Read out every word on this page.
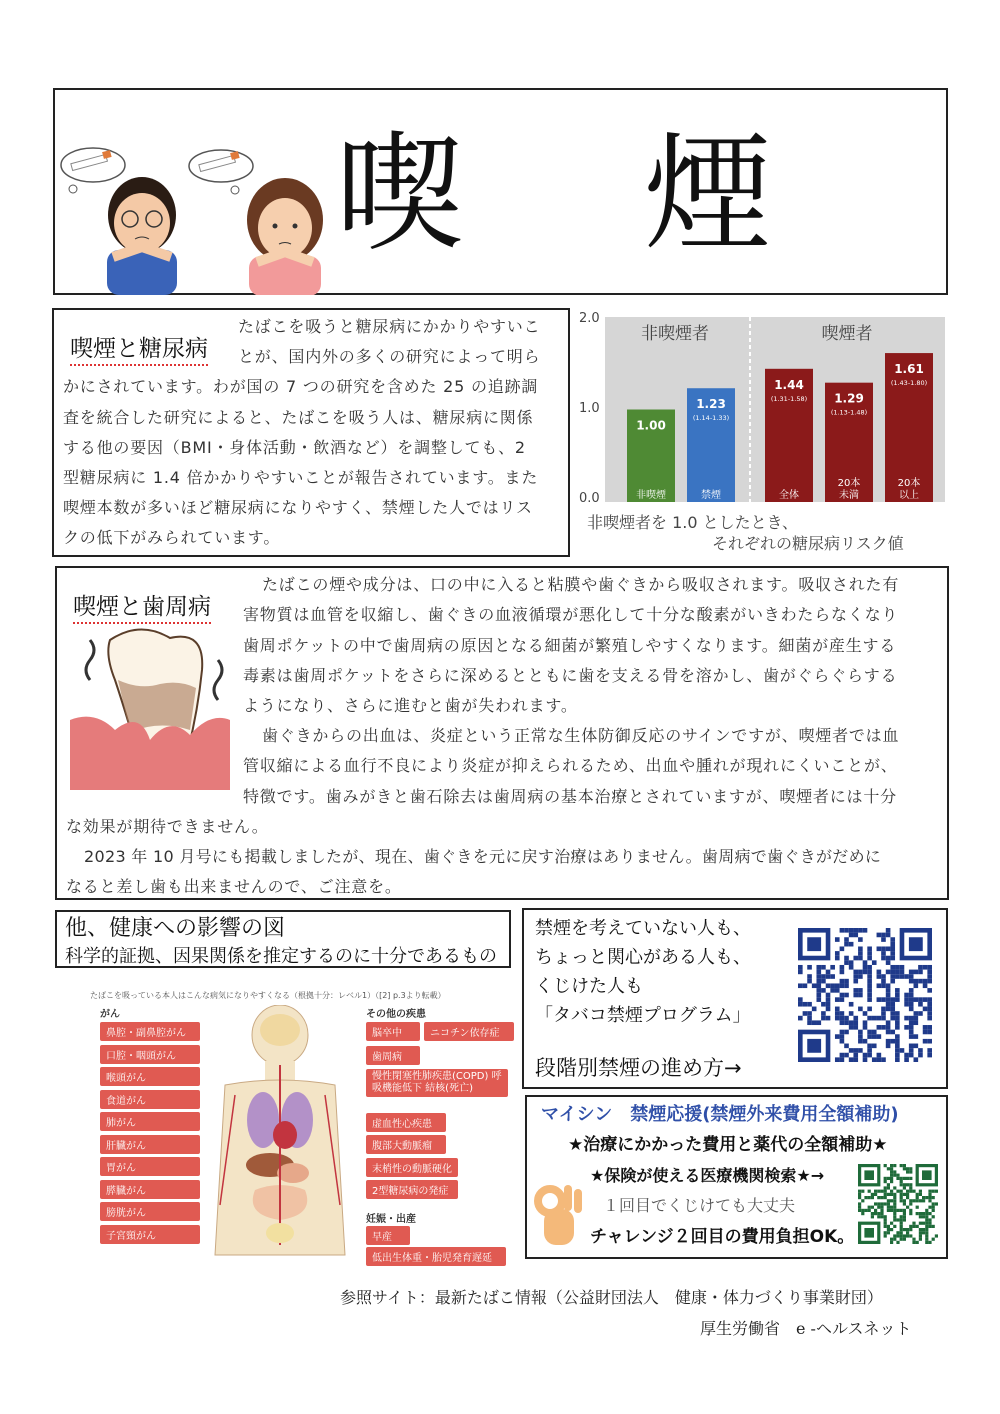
喫 煙
喫煙と糖尿病
たばこを吸うと糖尿病にかかりやすいこ
とが、国内外の多くの研究によって明ら
かにされています。わが国の 7 つの研究を含めた 25 の追跡調
査を統合した研究によると、たばこを吸う人は、糖尿病に関係
する他の要因（BMI・身体活動・飲酒など）を調整しても、2
型糖尿病に 1.4 倍かかりやすいことが報告されています。また
喫煙本数が多いほど糖尿病になりやすく、禁煙した人ではリス
クの低下がみられています。
非喫煙者	喫煙者
2.0
1.0
0.0
1.00
非喫煙
1.23
(1.14-1.33)
禁煙
1.44
(1.31-1.58)
全体
1.29
(1.13-1.48)
20本
未満
1.61
(1.43-1.80)
20本
以上
非喫煙者を 1.0 としたとき、
それぞれの糖尿病リスク値
喫煙と歯周病
たばこの煙や成分は、口の中に入ると粘膜や歯ぐきから吸収されます。吸収された有
害物質は血管を収縮し、歯ぐきの血液循環が悪化して十分な酸素がいきわたらなくなり
歯周ポケットの中で歯周病の原因となる細菌が繁殖しやすくなります。細菌が産生する
毒素は歯周ポケットをさらに深めるとともに歯を支える骨を溶かし、歯がぐらぐらする
ようになり、さらに進むと歯が失われます。
歯ぐきからの出血は、炎症という正常な生体防御反応のサインですが、喫煙者では血
管収縮による血行不良により炎症が抑えられるため、出血や腫れが現れにくいことが、
特徴です。歯みがきと歯石除去は歯周病の基本治療とされていますが、喫煙者には十分
な効果が期待できません。
2023 年 10 月号にも掲載しましたが、現在、歯ぐきを元に戻す治療はありません。歯周病で歯ぐきがだめに
なると差し歯も出来ませんので、ご注意を。
他、健康への影響の図
科学的証拠、因果関係を推定するのに十分であるもの
たばこを吸っている本人はこんな病気になりやすくなる（根拠十分：レベル1）（[2] p.3より転載）
がん	その他の疾患
鼻腔・副鼻腔がん
口腔・咽頭がん
喉頭がん
食道がん
肺がん
肝臓がん
胃がん
膵臓がん
膀胱がん
子宮頸がん
脳卒中	ニコチン依存症
歯周病
慢性閉塞性肺疾患(COPD) 呼吸機能低下 結核(死亡)
虚血性心疾患
腹部大動脈瘤
末梢性の動脈硬化
2型糖尿病の発症
妊娠・出産
早産
低出生体重・胎児発育遅延
禁煙を考えていない人も、
ちょっと関心がある人も、
くじけた人も
「タバコ禁煙プログラム」
段階別禁煙の進め方→
マイシン　禁煙応援(禁煙外来費用全額補助)
★治療にかかった費用と薬代の全額補助★
★保険が使える医療機関検索★→
１回目でくじけても大丈夫
チャレンジ２回目の費用負担OK。
参照サイト：最新たばこ情報（公益財団法人　健康・体力づくり事業財団）
厚生労働省　e -ヘルスネット
